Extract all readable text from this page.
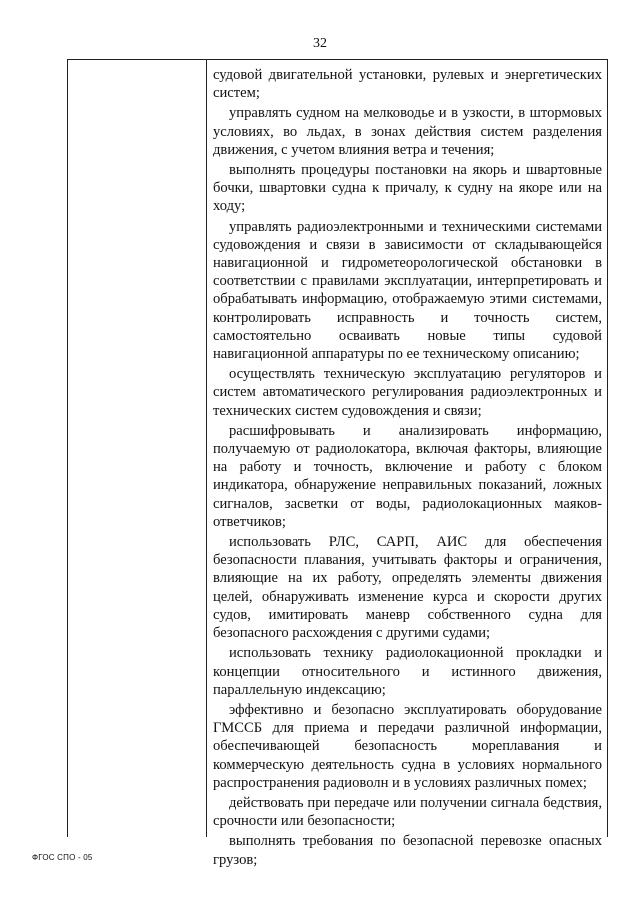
32

судовой двигательной установки, рулевых и энергетических систем;

управлять судном на мелководье и в узкости, в штормовых условиях, во льдах, в зонах действия систем разделения движения, с учетом влияния ветра и течения;

выполнять процедуры постановки на якорь и швартовные бочки, швартовки судна к причалу, к судну на якоре или на ходу;

управлять радиоэлектронными и техническими системами судовождения и связи в зависимости от складывающейся навигационной и гидрометеорологической обстановки в соответствии с правилами эксплуатации, интерпретировать и обрабатывать информацию, отображаемую этими системами, контролировать исправность и точность систем, самостоятельно осваивать новые типы судовой навигационной аппаратуры по ее техническому описанию;

осуществлять техническую эксплуатацию регуляторов и систем автоматического регулирования радиоэлектронных и технических систем судовождения и связи;

расшифровывать и анализировать информацию, получаемую от радиолокатора, включая факторы, влияющие на работу и точность, включение и работу с блоком индикатора, обнаружение неправильных показаний, ложных сигналов, засветки от воды, радиолокационных маяков-ответчиков;

использовать РЛС, САРП, АИС для обеспечения безопасности плавания, учитывать факторы и ограничения, влияющие на их работу, определять элементы движения целей, обнаруживать изменение курса и скорости других судов, имитировать маневр собственного судна для безопасного расхождения с другими судами;

использовать технику радиолокационной прокладки и концепции относительного и истинного движения, параллельную индексацию;

эффективно и безопасно эксплуатировать оборудование ГМССБ для приема и передачи различной информации, обеспечивающей безопасность мореплавания и коммерческую деятельность судна в условиях нормального распространения радиоволн и в условиях различных помех;

действовать при передаче или получении сигнала бедствия, срочности или безопасности;

выполнять требования по безопасной перевозке опасных грузов;

ФГОС СПО - 05
